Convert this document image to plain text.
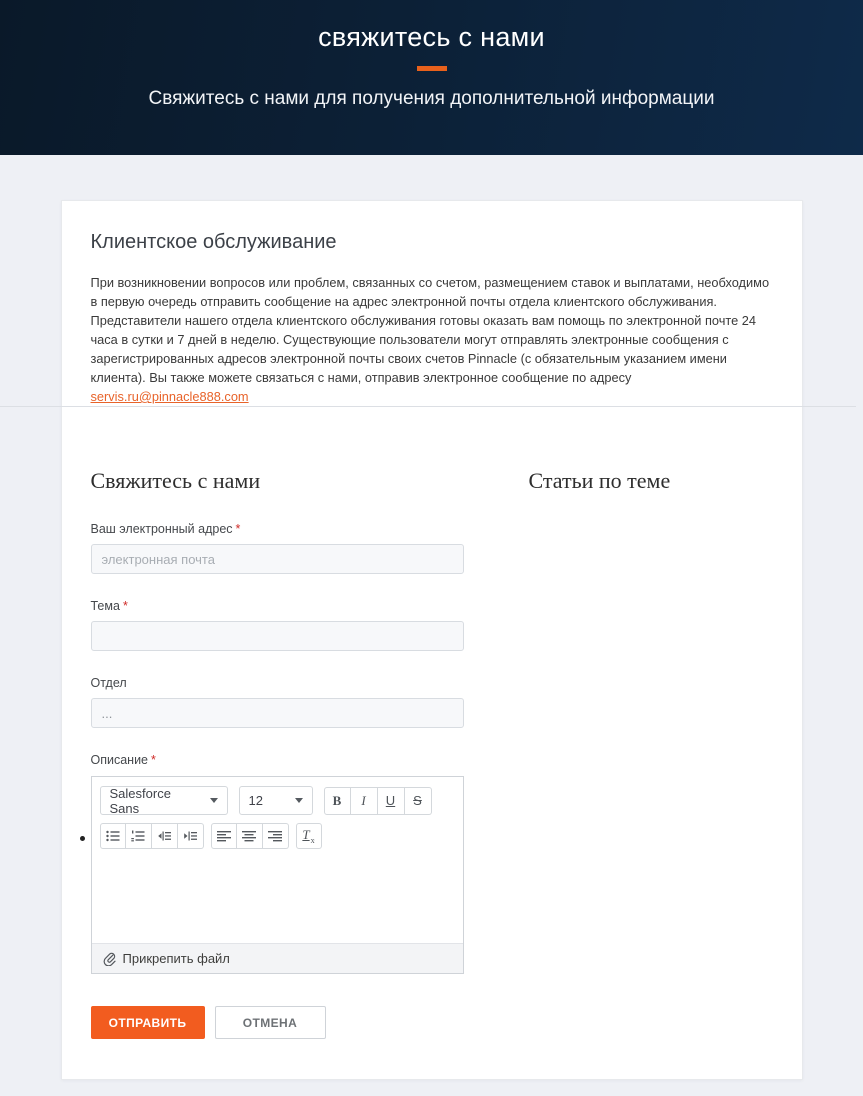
свяжитесь с нами
Свяжитесь с нами для получения дополнительной информации
Клиентское обслуживание

При возникновении вопросов или проблем, связанных со счетом, размещением ставок и выплатами, необходимо в первую очередь отправить сообщение на адрес электронной почты отдела клиентского обслуживания. Представители нашего отдела клиентского обслуживания готовы оказать вам помощь по электронной почте 24 часа в сутки и 7 дней в неделю. Существующие пользователи могут отправлять электронные сообщения с зарегистрированных адресов электронной почты своих счетов Pinnacle (с обязательным указанием имени клиента). Вы также можете связаться с нами, отправив электронное сообщение по адресу servis.ru@pinnacle888.com

Свяжитесь с нами
Ваш электронный адрес *
электронная почта
Тема *
Отдел
...
Описание *
Salesforce Sans	12	B I U S
$T_x$
Прикрепить файл
ОТПРАВИТЬ	ОТМЕНА
Статьи по теме
